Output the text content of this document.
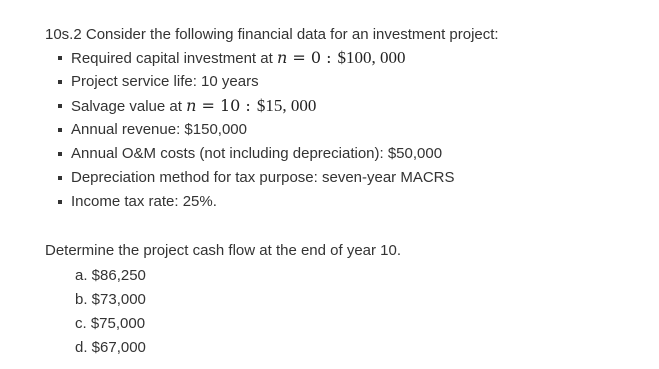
10s.2 Consider the following financial data for an investment project:

Required capital investment at n = 0 : $100, 000
Project service life: 10 years
Salvage value at n = 10 : $15, 000
Annual revenue: $150,000
Annual O&M costs (not including depreciation): $50,000
Depreciation method for tax purpose: seven-year MACRS
Income tax rate: 25%.
Determine the project cash flow at the end of year 10.
a. $86,250
b. $73,000
c. $75,000
d. $67,000
